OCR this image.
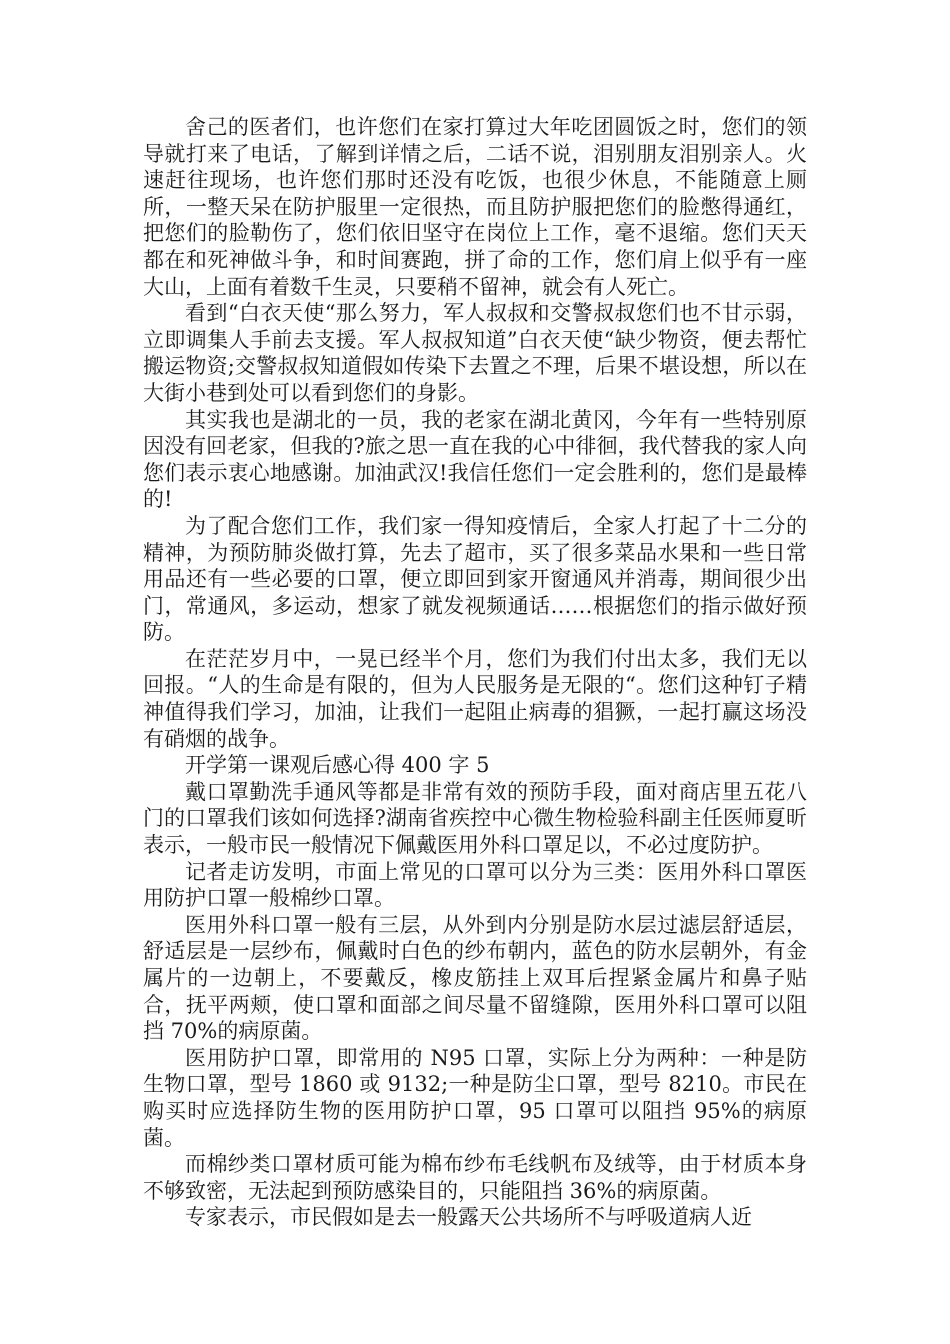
舍己的医者们，也许您们在家打算过大年吃团圆饭之时，您们的领导就打来了电话，了解到详情之后，二话不说，泪别朋友泪别亲人。火速赶往现场，也许您们那时还没有吃饭，也很少休息，不能随意上厕所，一整天呆在防护服里一定很热，而且防护服把您们的脸憋得通红，把您们的脸勒伤了，您们依旧坚守在岗位上工作，毫不退缩。您们天天都在和死神做斗争，和时间赛跑，拼了命的工作，您们肩上似乎有一座大山，上面有着数千生灵，只要稍不留神，就会有人死亡。

看到“白衣天使“那么努力，军人叔叔和交警叔叔您们也不甘示弱，立即调集人手前去支援。军人叔叔知道”白衣天使“缺少物资，便去帮忙搬运物资;交警叔叔知道假如传染下去置之不理，后果不堪设想，所以在大街小巷到处可以看到您们的身影。

其实我也是湖北的一员，我的老家在湖北黄冈，今年有一些特别原因没有回老家，但我的?旅之思一直在我的心中徘徊，我代替我的家人向您们表示衷心地感谢。加油武汉!我信任您们一定会胜利的，您们是最棒的!

为了配合您们工作，我们家一得知疫情后，全家人打起了十二分的精神，为预防肺炎做打算，先去了超市，买了很多菜品水果和一些日常用品还有一些必要的口罩，便立即回到家开窗通风并消毒，期间很少出门，常通风，多运动，想家了就发视频通话……根据您们的指示做好预防。

在茫茫岁月中，一晃已经半个月，您们为我们付出太多，我们无以回报。“人的生命是有限的，但为人民服务是无限的“。您们这种钉子精神值得我们学习，加油，让我们一起阻止病毒的猖獗，一起打赢这场没有硝烟的战争。

开学第一课观后感心得 400 字 5

戴口罩勤洗手通风等都是非常有效的预防手段，面对商店里五花八门的口罩我们该如何选择?湖南省疾控中心微生物检验科副主任医师夏昕表示，一般市民一般情况下佩戴医用外科口罩足以，不必过度防护。

记者走访发明，市面上常见的口罩可以分为三类：医用外科口罩医用防护口罩一般棉纱口罩。

医用外科口罩一般有三层，从外到内分别是防水层过滤层舒适层，舒适层是一层纱布，佩戴时白色的纱布朝内，蓝色的防水层朝外，有金属片的一边朝上，不要戴反，橡皮筋挂上双耳后捏紧金属片和鼻子贴合，抚平两颊，使口罩和面部之间尽量不留缝隙，医用外科口罩可以阻挡 70%的病原菌。

医用防护口罩，即常用的 N95 口罩，实际上分为两种：一种是防生物口罩，型号 1860 或 9132;一种是防尘口罩，型号 8210。市民在购买时应选择防生物的医用防护口罩，95 口罩可以阻挡 95%的病原菌。

而棉纱类口罩材质可能为棉布纱布毛线帆布及绒等，由于材质本身不够致密，无法起到预防感染目的，只能阻挡 36%的病原菌。

专家表示，市民假如是去一般露天公共场所不与呼吸道病人近
